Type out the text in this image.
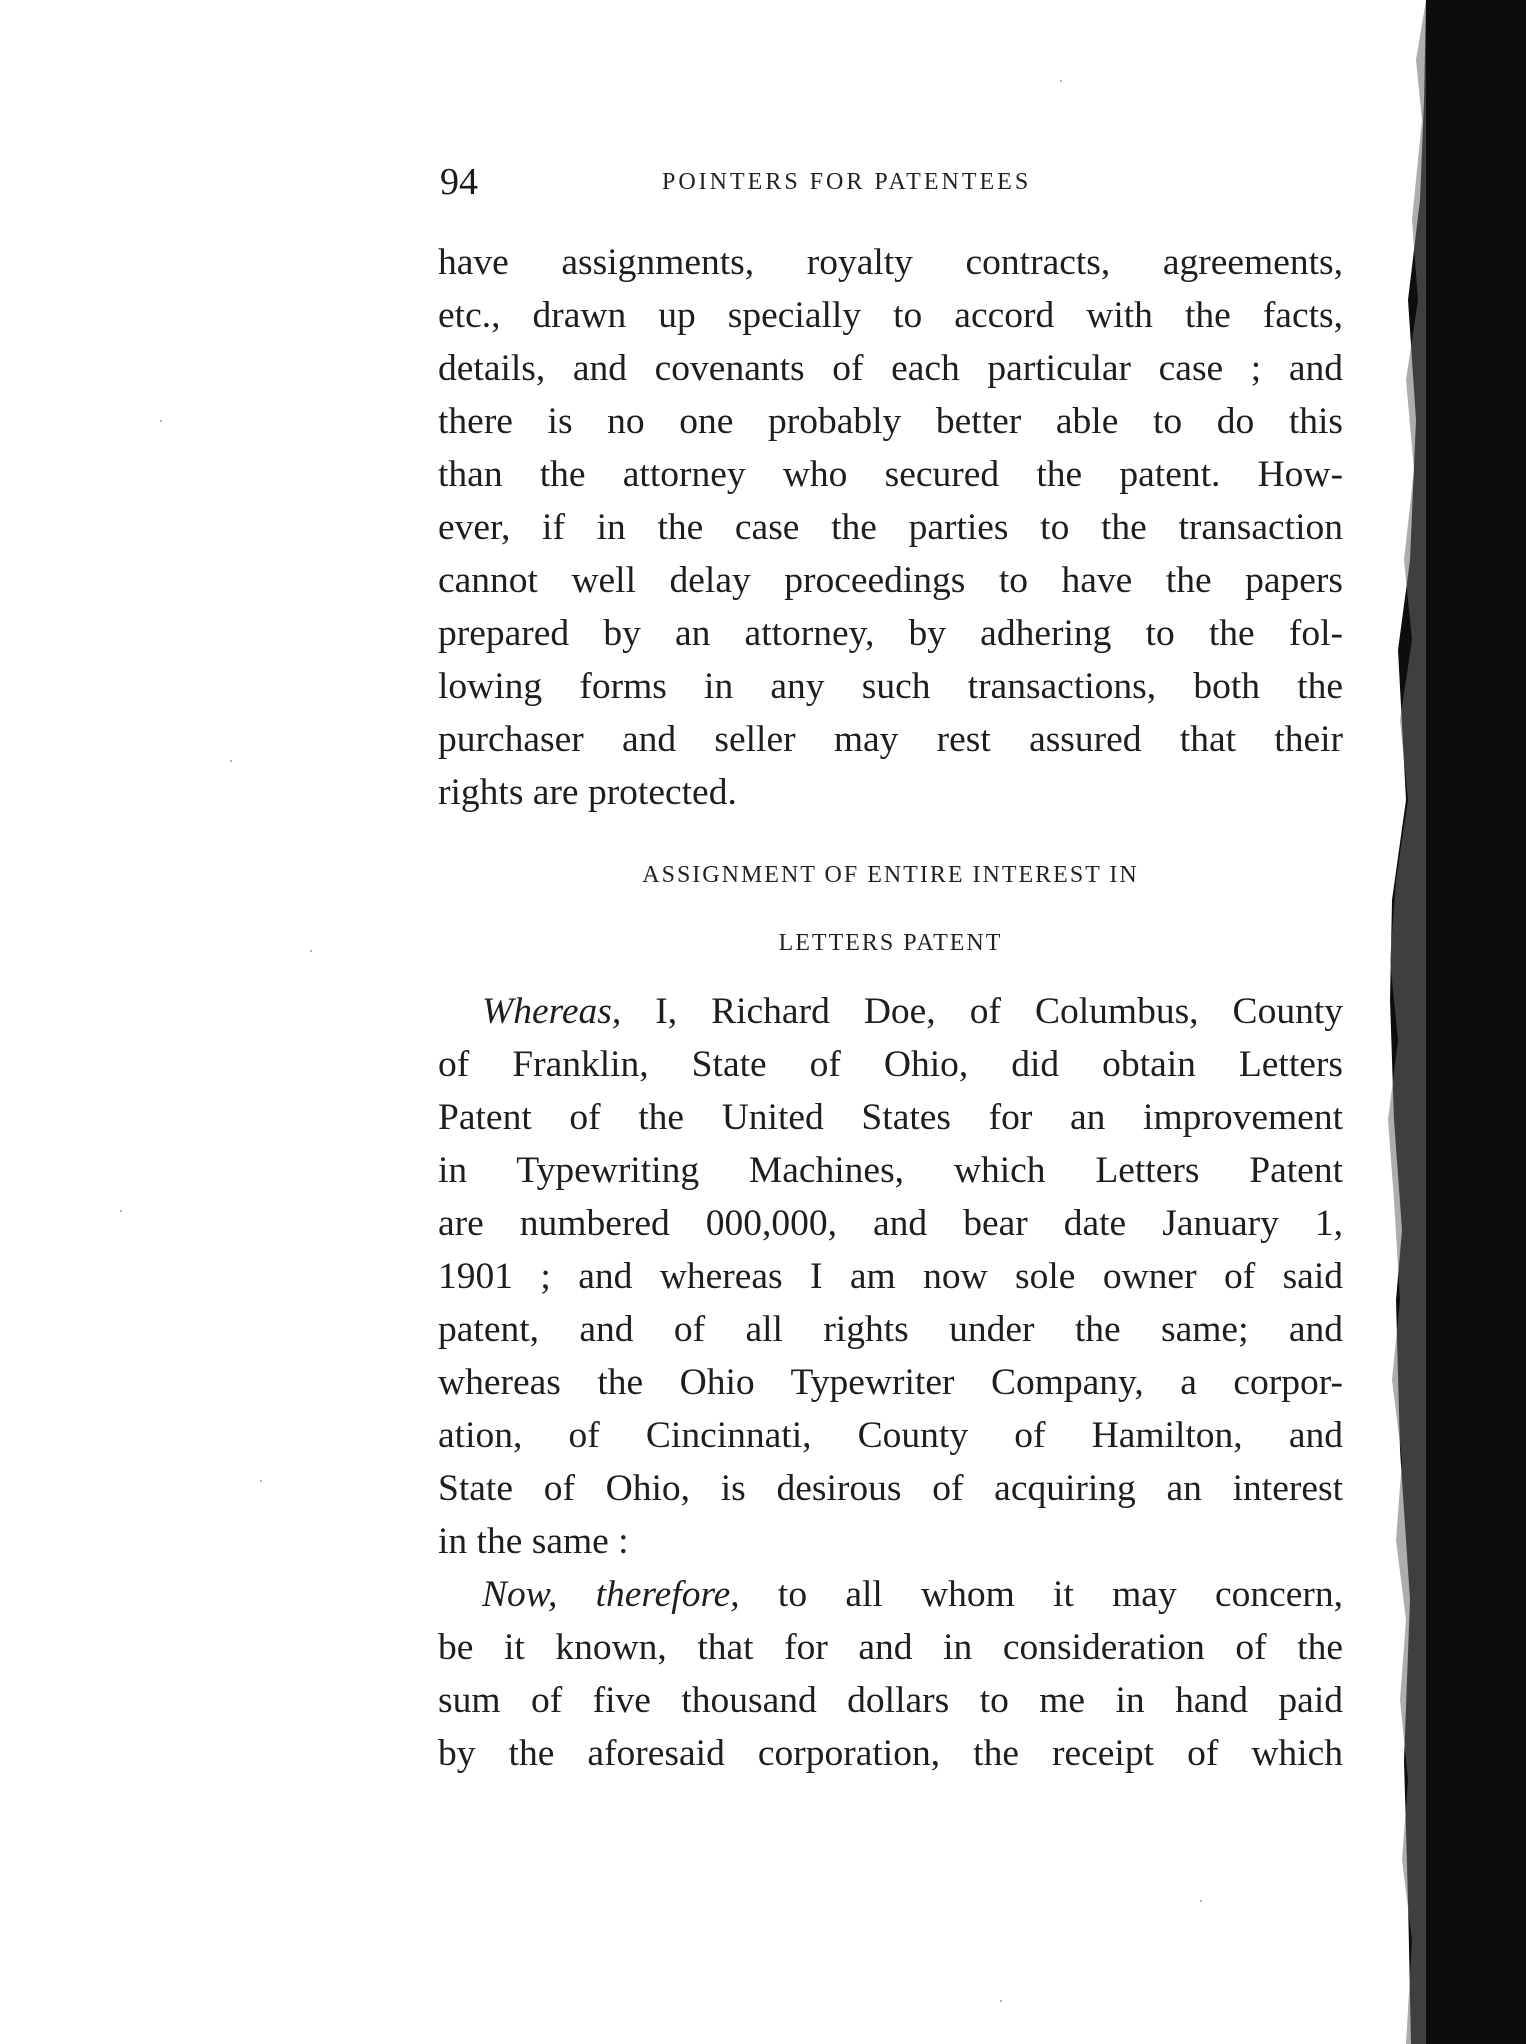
94	POINTERS FOR PATENTEES
have assignments, royalty contracts, agreements,
etc., drawn up specially to accord with the facts,
details, and covenants of each particular case ; and
there is no one probably better able to do this
than the attorney who secured the patent. How-
ever, if in the case the parties to the transaction
cannot well delay proceedings to have the papers
prepared by an attorney, by adhering to the fol-
lowing forms in any such transactions, both the
purchaser and seller may rest assured that their
rights are protected.
ASSIGNMENT OF ENTIRE INTEREST IN
LETTERS PATENT
Whereas, I, Richard Doe, of Columbus, County
of Franklin, State of Ohio, did obtain Letters
Patent of the United States for an improvement
in Typewriting Machines, which Letters Patent
are numbered 000,000, and bear date January 1,
1901 ; and whereas I am now sole owner of said
patent, and of all rights under the same; and
whereas the Ohio Typewriter Company, a corpor-
ation, of Cincinnati, County of Hamilton, and
State of Ohio, is desirous of acquiring an interest
in the same :
Now, therefore, to all whom it may concern,
be it known, that for and in consideration of the
sum of five thousand dollars to me in hand paid
by the aforesaid corporation, the receipt of which
